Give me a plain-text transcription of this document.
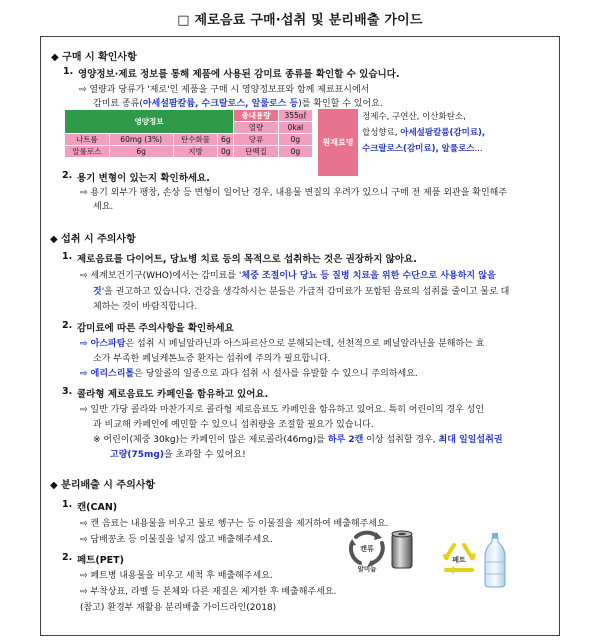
□ 제로음료 구매·섭취 및 분리배출 가이드
◆ 구매 시 확인사항
1. 영양정보·제료 정보를 통해 제품에 사용된 감미료 종류를 확인할 수 있습니다.
⇨ 열량과 당류가 '제로'인 제품을 구매 시 영양정보표와 함께 제료표시에서
감미료 종류(아세설팜칼륨, 수크랄로스, 알룰로스 등)를 확인할 수 있어요.
영양정보				총내용량	355㎖
				열량	0kal
나트륨	60mg (3%)	탄수화물	6g	당류	0g
알룰로스	6g	지방	0g	단백질	0g
원재료명
정제수, 구연산, 이산화탄소,
합성향료, 아세설팜칼륨(감미료),
수크랄로스(감미료), 알룰로스...
2. 용기 변형이 있는지 확인하세요.
⇨ 용기 외부가 팽창, 손상 등 변형이 일어난 경우, 내용물 변질의 우려가 있으니 구매 전 제품 외관을 확인해주
세요.
◆ 섭취 시 주의사항
1. 제로음료를 다이어트, 당뇨병 치료 등의 목적으로 섭취하는 것은 권장하지 않아요.
⇨ 세계보건기구(WHO)에서는 감미료를 '체중 조절이나 당뇨 등 질병 치료을 위한 수단으로 사용하지 않을
것'을 권고하고 있습니다. 건강을 생각하시는 분들은 가급적 감미료가 포함된 음료의 섭취를 줄이고 물로 대
체하는 것이 바람직합니다.
2. 감미료에 따른 주의사항을 확인하세요
⇨ 아스파탐은 섭취 시 페닐알라닌과 아스파르산으로 분해되는데, 선천적으로 페닐알라닌을 분해하는 효
소가 부족한 페닐케톤뇨증 환자는 섭취에 주의가 필요합니다.
⇨ 에리스리톨은 당알콜의 일종으로 과다 섭취 시 설사를 유발할 수 있으니 주의하세요.
3. 콜라형 제로음료도 카페인을 함유하고 있어요.
⇨ 일반 가당 콜라와 마찬가지로 콜라형 제로음료도 카페인을 함유하고 있어요. 특히 어린이의 경우 성인
과 비교해 카페인에 예민할 수 있으니 섭취량을 조절할 필요가 있습니다.
※ 어린이(체중 30kg)는 카페인이 많은 제로콜라(46mg)를 하루 2캔 이상 섭취할 경우, 최대 일일섭취권
고량(75mg)을 초과할 수 있어요!
◆ 분리배출 시 주의사항
1. 캔(CAN)
⇨ 캔 음료는 내용물을 비우고 물로 헹구는 등 이물질을 제거하여 배출해주세요.
⇨ 담배꽁초 등 이물질을 넣지 않고 배출해주세요.
2. 페트(PET)
⇨ 페트병 내용물을 비우고 세척 후 배출해주세요.
⇨ 부착상표, 라벨 등 본체와 다른 재질은 제거한 후 배출해주세요.
(참고) 환경부 재활용 분리배출 가이드라인(2018)
캔류
알미늄
페트
